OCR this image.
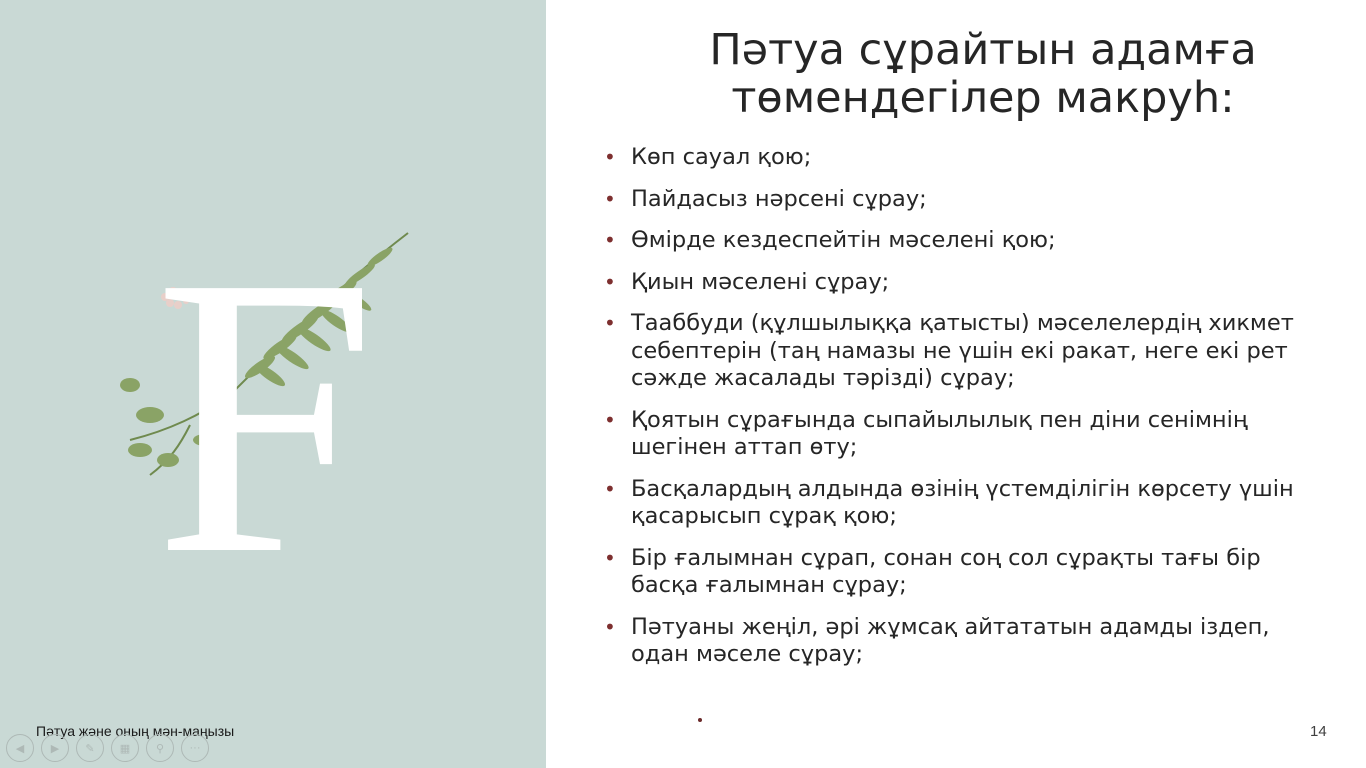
F
Пәтуа және оның мән-маңызы
◀	▶	✎	▦	⚲	···
Пәтуа сұрайтын адамға төмендегілер макруһ:
• Көп сауал қою;
• Пайдасыз нәрсені сұрау;
• Өмірде кездеспейтін мәселені қою;
• Қиын мәселені сұрау;
• Тааббуди (құлшылыққа қатысты) мәселелердің хикмет себептерін (таң намазы не үшін екі ракат, неге екі рет сәжде жасалады тәрізді) сұрау;
• Қоятын сұрағында сыпайылылық пен діни сенімнің шегінен аттап өту;
• Басқалардың алдында өзінің үстемділігін көрсету үшін қасарысып сұрақ қою;
• Бір ғалымнан сұрап, сонан соң сол сұрақты тағы бір басқа ғалымнан сұрау;
• Пәтуаны жеңіл, әрі жұмсақ айтататын адамды іздеп, одан мәселе сұрау;
14
